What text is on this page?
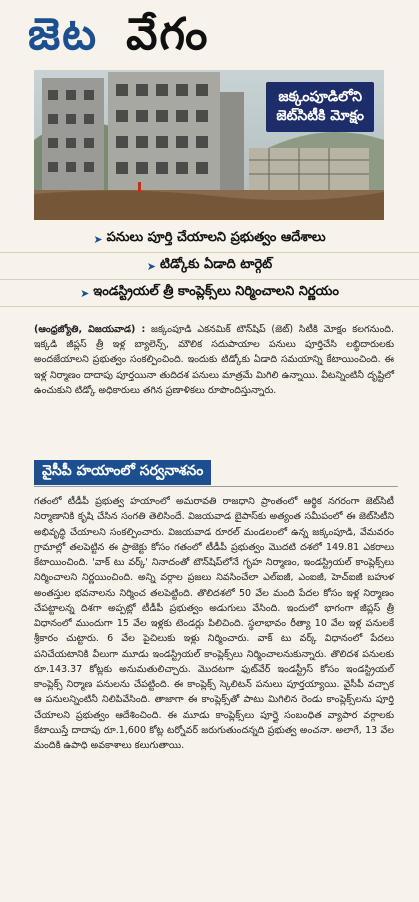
జెట వేగం
జక్కంపూడిలోని
జెట్‌సిటీకి మోక్షం
➤ పనులు పూర్తి చేయాలని ప్రభుత్వం ఆదేశాలు
➤ టిడ్కోకు ఏడాది టార్గెట్
➤ ఇండస్ట్రియల్ త్రీ కాంప్లెక్స్‌లు నిర్మించాలని నిర్ణయం
(ఆంధ్రజ్యోతి, విజయవాడ) : జక్కంపూడి ఎకనమిక్ టౌన్‌షిప్ (జెట్) సిటీకి మోక్షం కలగనుంది. ఇక్కడి జీప్లస్ త్రీ ఇళ్ల బ్యాలెన్స్, మౌలిక సదుపాయాల పనులు పూర్తిచేసి లబ్ధిదారులకు అందజేయాలని ప్రభుత్వం సంకల్పించింది. ఇందుకు టిడ్కోకు ఏడాది సమయాన్ని కేటాయించింది. ఈ ఇళ్ల నిర్మాణం దాదాపు పూర్తయినా తుదిదశ పనులు మాత్రమే మిగిలి ఉన్నాయి. వీటన్నింటినీ దృష్టిలో ఉంచుకుని టిడ్కో అధికారులు తగిన ప్రణాళికలు రూపొందిస్తున్నారు.
వైసీపీ హయాంలో సర్వనాశనం
గతంలో టీడీపీ ప్రభుత్వ హయాంలో అమరావతి రాజధాని ప్రాంతంలో ఆర్థిక నగరంగా జెట్‌సిటీ నిర్మాణానికి కృషి చేసిన సంగతి తెలిసిందే. విజయవాడ బైపాస్‌కు అత్యంత సమీపంలో ఈ జెట్‌సిటీని అభివృద్ధి చేయాలని సంకల్పించారు. విజయవాడ రూరల్ మండలంలో ఉన్న జక్కంపూడి, వేమవరం గ్రామాల్లో తలపెట్టిన ఈ ప్రాజెక్టు కోసం గతంలో టీడీపీ ప్రభుత్వం మొదటి దశలో 149.81 ఎకరాలు కేటాయించింది. 'వాక్ టు వర్క్' నినాదంతో టౌన్‌షిప్‌లోనే గృహ నిర్మాణం, ఇండస్ట్రియల్ కాంప్లెక్స్‌లు నిర్మించాలని నిర్ణయించింది. అన్ని వర్గాల ప్రజలు నివసించేలా ఎల్ఐజీ, ఎంఐజీ, హెచ్ఐజీ బహుళ అంతస్తుల భవనాలను నిర్మించ తలపెట్టింది. తొలిదశలో 50 వేల మంది పేదల కోసం ఇళ్ల నిర్మాణం చేపట్టాలన్న దిశగా అప్పట్లో టీడీపీ ప్రభుత్వం అడుగులు వేసింది. ఇందులో భాగంగా జీప్లస్ త్రీ విధానంలో ముందుగా 15 వేల ఇళ్లకు టెండర్లు పిలిచింది. స్థలాభావం రీత్యా 10 వేల ఇళ్ల పనులకే శ్రీకారం చుట్టారు. 6 వేల పైచిలుకు ఇళ్లు నిర్మించారు. వాక్ టు వర్క్ విధానంలో పేదలు పనిచేయటానికి వీలుగా మూడు ఇండస్ట్రియల్ కాంప్లెక్స్‌లు నిర్మించాలనుకున్నారు. తొలిదశ పనులకు రూ.143.37 కోట్లకు అనుమతులిచ్చారు. మొదటగా ఫుట్‌వేర్ ఇండస్ట్రీస్ కోసం ఇండస్ట్రియల్ కాంప్లెక్స్ నిర్మాణ పనులను చేపట్టింది. ఈ కాంప్లెక్స్ స్కెలిటన్ పనులు పూర్తయ్యాయి. వైసీపీ వచ్చాక ఆ పనులన్నింటినీ నిలిపివేసింది. తాజాగా ఈ కాంప్లెక్స్‌తో పాటు మిగిలిన రెండు కాంప్లెక్స్‌లను పూర్తి చేయాలని ప్రభుత్వం ఆదేశించింది. ఈ మూడు కాంప్లెక్స్‌లు పూర్తై సంబంధిత వ్యాపార వర్గాలకు కేటాయిస్తే దాదాపు రూ.1,600 కోట్ల టర్నోవర్ జరుగుతుందన్నది ప్రభుత్వ అంచనా. అలాగే, 13 వేల మందికి ఉపాధి అవకాశాలు కలుగుతాయి.
